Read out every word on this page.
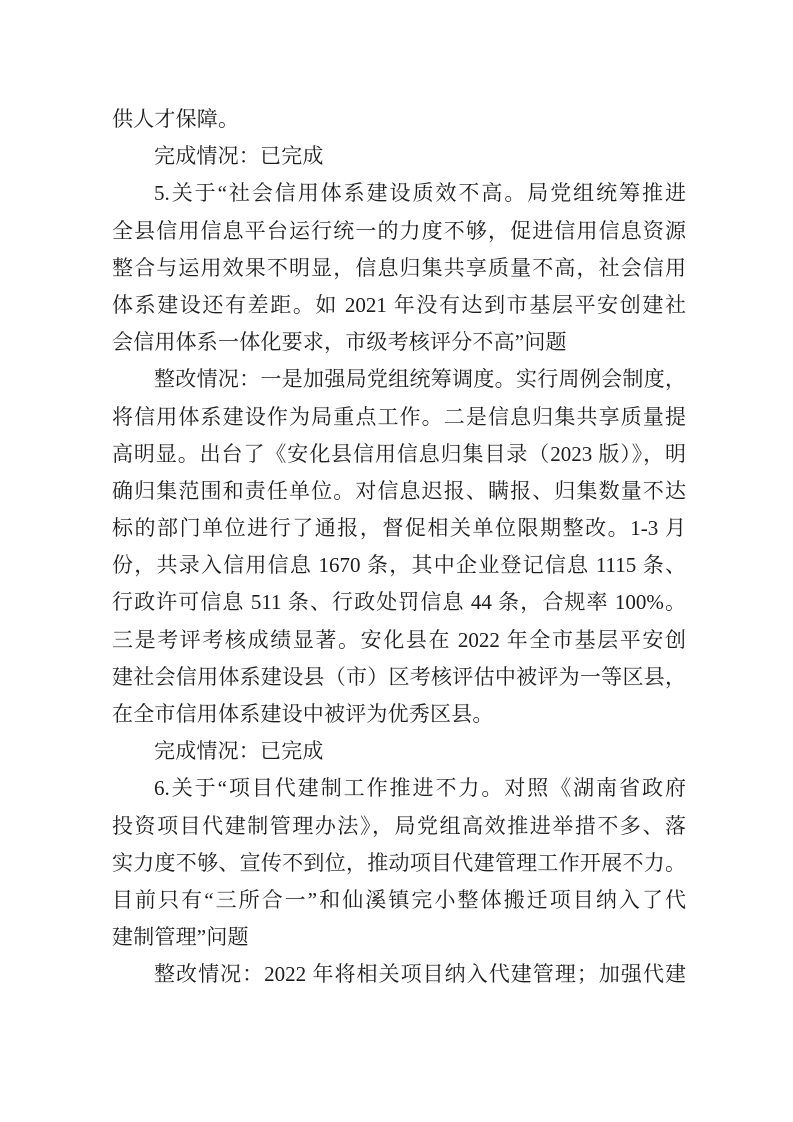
供人才保障。
完成情况：已完成
5.关于“社会信用体系建设质效不高。局党组统筹推进
全县信用信息平台运行统一的力度不够，促进信用信息资源
整合与运用效果不明显，信息归集共享质量不高，社会信用
体系建设还有差距。如 2021 年没有达到市基层平安创建社
会信用体系一体化要求，市级考核评分不高”问题
整改情况：一是加强局党组统筹调度。实行周例会制度，
将信用体系建设作为局重点工作。二是信息归集共享质量提
高明显。出台了《安化县信用信息归集目录（2023 版）》，明
确归集范围和责任单位。对信息迟报、瞒报、归集数量不达
标的部门单位进行了通报，督促相关单位限期整改。1-3 月
份，共录入信用信息 1670 条，其中企业登记信息 1115 条、
行政许可信息 511 条、行政处罚信息 44 条，合规率 100%。
三是考评考核成绩显著。安化县在 2022 年全市基层平安创
建社会信用体系建设县（市）区考核评估中被评为一等区县，
在全市信用体系建设中被评为优秀区县。
完成情况：已完成
6.关于“项目代建制工作推进不力。对照《湖南省政府
投资项目代建制管理办法》，局党组高效推进举措不多、落
实力度不够、宣传不到位，推动项目代建管理工作开展不力。
目前只有“三所合一”和仙溪镇完小整体搬迁项目纳入了代
建制管理”问题
整改情况：2022 年将相关项目纳入代建管理；加强代建
